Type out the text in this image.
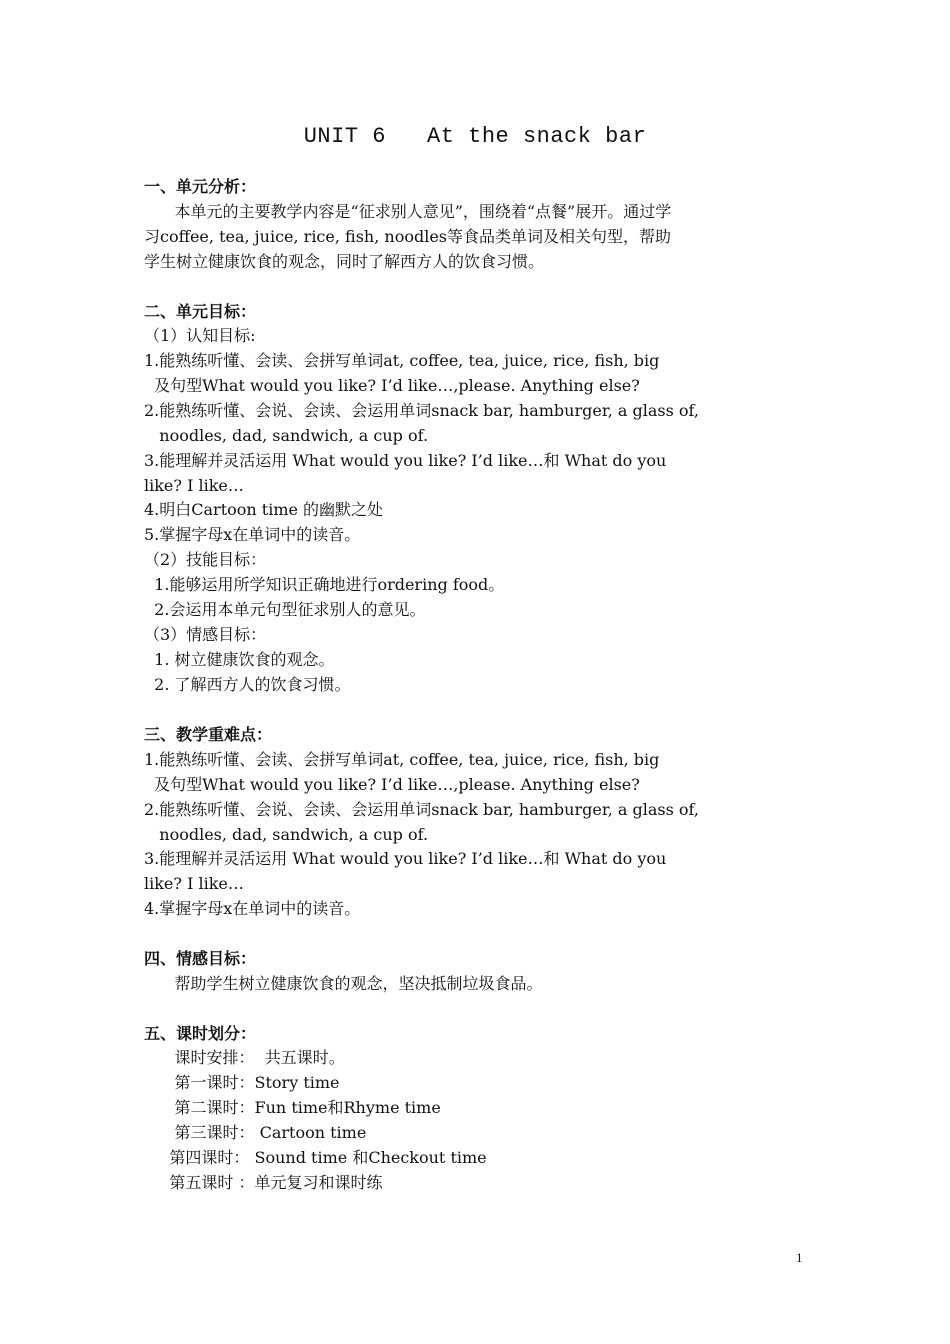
UNIT 6   At the snack bar
一、单元分析：
本单元的主要教学内容是“征求别人意见”，围绕着“点餐”展开。通过学
习coffee, tea, juice, rice, fish, noodles等食品类单词及相关句型，帮助
学生树立健康饮食的观念，同时了解西方人的饮食习惯。
二、单元目标：
（1）认知目标:
1.能熟练听懂、会读、会拼写单词at, coffee, tea, juice, rice, fish, big
及句型What would you like? I’d like…,please. Anything else?
2.能熟练听懂、会说、会读、会运用单词snack bar, hamburger, a glass of,
noodles, dad, sandwich, a cup of.
3.能理解并灵活运用 What would you like? I’d like…和 What do you
like? I like…
4.明白Cartoon time 的幽默之处
5.掌握字母x在单词中的读音。
（2）技能目标：
1.能够运用所学知识正确地进行ordering food。
2.会运用本单元句型征求别人的意见。
（3）情感目标：
1. 树立健康饮食的观念。
2. 了解西方人的饮食习惯。
三、教学重难点：
1.能熟练听懂、会读、会拼写单词at, coffee, tea, juice, rice, fish, big
及句型What would you like? I’d like…,please. Anything else?
2.能熟练听懂、会说、会读、会运用单词snack bar, hamburger, a glass of,
noodles, dad, sandwich, a cup of.
3.能理解并灵活运用 What would you like? I’d like…和 What do you
like? I like…
4.掌握字母x在单词中的读音。
四、情感目标：
帮助学生树立健康饮食的观念，坚决抵制垃圾食品。
五、课时划分：
课时安排：  共五课时。
第一课时：Story time
第二课时：Fun time和Rhyme time
第三课时： Cartoon time
第四课时： Sound time 和Checkout time
第五课时 ：单元复习和课时练
1
